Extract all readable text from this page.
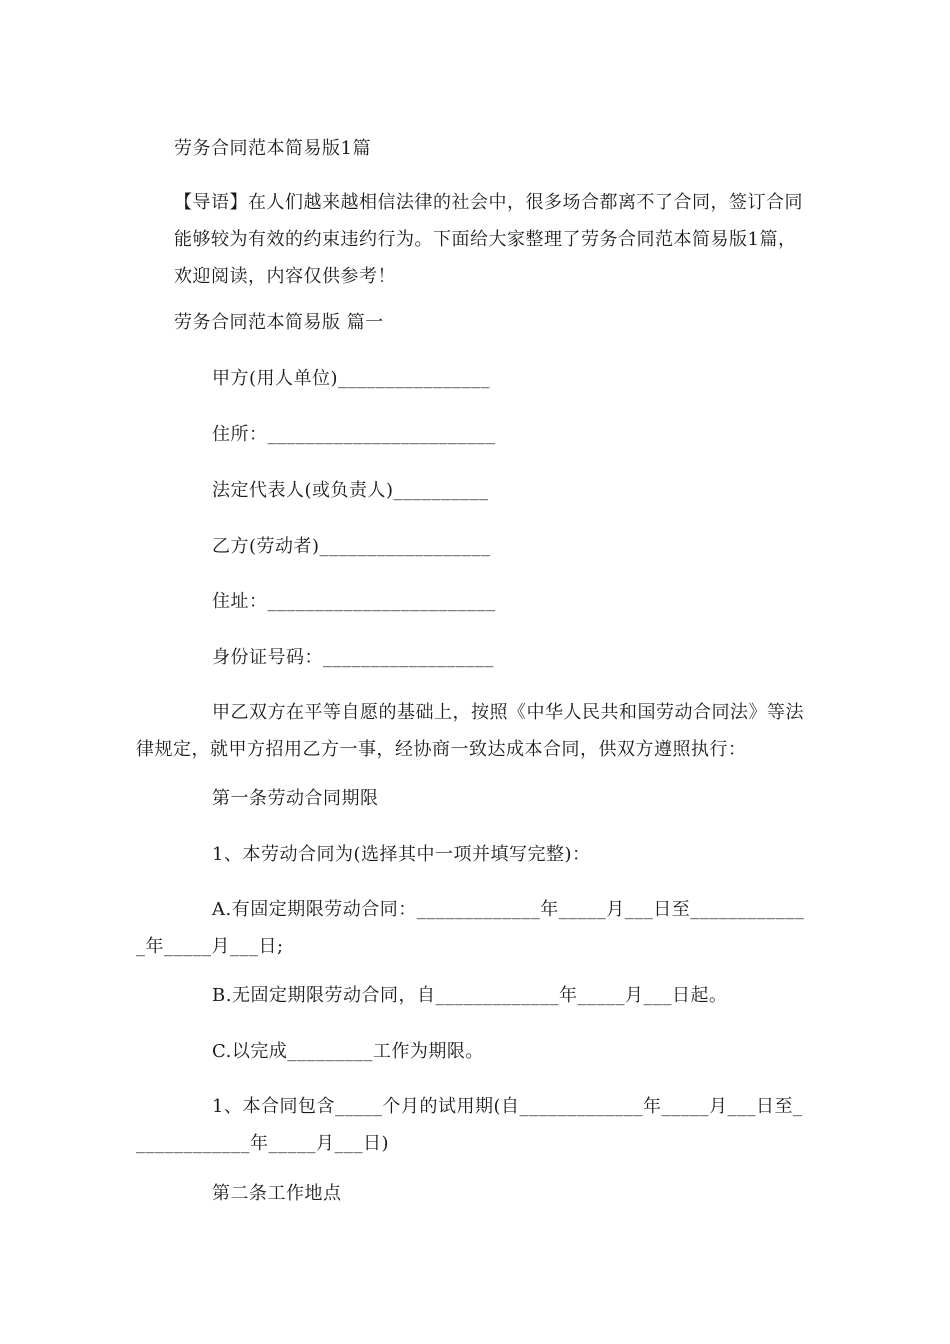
劳务合同范本简易版1篇
【导语】在人们越来越相信法律的社会中，很多场合都离不了合同，签订合同能够较为有效的约束违约行为。下面给大家整理了劳务合同范本简易版1篇，欢迎阅读，内容仅供参考！
劳务合同范本简易版 篇一
甲方(用人单位)________________
住所：________________________
法定代表人(或负责人)__________
乙方(劳动者)__________________
住址：________________________
身份证号码：__________________
甲乙双方在平等自愿的基础上，按照《中华人民共和国劳动合同法》等法律规定，就甲方招用乙方一事，经协商一致达成本合同，供双方遵照执行：
第一条劳动合同期限
1、本劳动合同为(选择其中一项并填写完整)：
A.有固定期限劳动合同：_____________年_____月___日至_____________年_____月___日;
B.无固定期限劳动合同，自_____________年_____月___日起。
C.以完成_________工作为期限。
1、本合同包含_____个月的试用期(自_____________年_____月___日至_____________年_____月___日)
第二条工作地点
